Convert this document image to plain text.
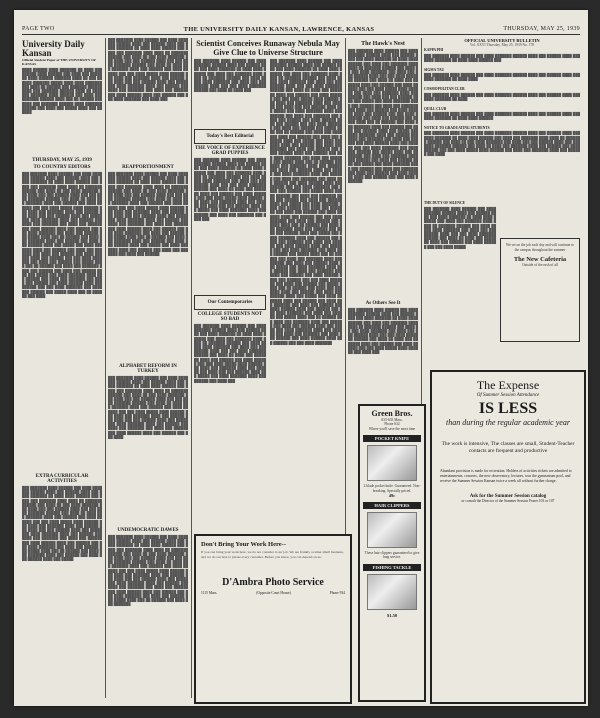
PAGE TWO	THE UNIVERSITY DAILY KANSAN, LAWRENCE, KANSAS	THURSDAY, MAY 25, 1939
University Daily Kansan
Official Student Paper of THE UNIVERSITY OF KANSAS
████ ██████ ████ ███████ ██ ████ ███ ██████ ████ ██████ ███ ████ ███ ███████ ████ ██████ ███████ ████ ██ ███ ██████ ███████ █████ ████ ████ ███████ ███ ████ ██ ██████ ███ ███████ ██████ ████ ███ ███████ ██████ ████ ██ ████ ███ ███████ ████ ██████ ███ ████ ███ ███████ ██████ ████ ███ ██ ██████ ███ ████ ███ ███████ ██████ ████ ███████ ██████ ███ ████ ███ █████ ████ ███ ██████
THURSDAY, MAY 25, 1939
TO COUNTRY EDITORS
███ ███████ ████ ██████ ███ ████ ███████ ██████ ████ ███ ██████ ████ ███ ████ ███████ ██ ████ ████ ██████ ███ ████ ███ ███████ ████ ████ ██ ███████ ██████ ███ ████ ██ ███ ████ ███████ ███ ████ ███ ███ ██████ ████ ███ ███ ████ ███████ ██████ ███ ████ ██ ████ ███ ███████ ████ ███ ██████ ███ ████ ██████ ███ ███ ████ █████ ████ ██████ ███ ████ ███ ███████ ████ ███ ██████ ███ ████ ███ ███ ██████ ████ ███ █████ ███ ████ ███████ ████ ███ ██████ ███ ████ ███ ███████ ███ ████ ███ ██████ ███ ████ ██████ ████ ███ ██████ ███ ███ ████ ███████ ███ ████ ███ ██████ ███ █████ ████ ███ ██ ██████ ███ ████ ███ ███████ ████ ███ ██████ ███ ████ ███ ██████ ████ ███ █████ ███ ████ ███████ ████ ███ ██████ ███ ████ ███ ███████ ███ ████ ███ ██████ ███ ████ ██████ ████ ███ ██████ ███ ███ ████ ███████ ███ ████ ███ ██████ ███ █████ ████ ███ ██ ██████ ███ ████ ███ ███████ ████ ███ ██████ ███ ████ ███ ██████ ████ ███ █████ ███ ████ ███████ ████ ███ ██████ ███ ████ ███ ███████ ███ ████ ███ ██████ ███ ████ ██████ ████ ███ ██████ ███ ███ ████ ███████ ███ ████ ███ ██████ ███ █████ ████ ███ ██ ██████ ███ ████
EXTRA CURRICULAR ACTIVITIES
███ ███████ ████ ██████ ███ ████ ███████ ██████ ████ ███ ██████ ████ ███ ████ ███████ ██ ████ ████ ██████ ███ ████ ███ ███████ ████ ████ ██ ███████ ██████ ███ ████ ██ ███ ████ ███████ ███ ████ ███ ███ ██████ ████ ███ ███ ████ ███████ ██████ ███ ████ ██ ████ ███ ███████ ████ ███ ██████ ███ ████ ██████ ███ ███ ████ █████ ████ ██████ ███ ████ ███ ███████ ████ ███ ██████ ███ ████ ███ ███ ██████ ████ ███ █████ ███ ████ ███████ ████ ███ ██████ ███ ████ ███ ███████ ███ ████ ███ ██████ ███ ████ ██████ ████ ███ ██████ ███ ███ ████ ███████ ███ ████ ███ ██████ ███ █████ ████ ███ ██ ██████ ███ ████ ███ ███████ ████ ███ ██████ ███ ████ ███ ██████ ████ ███ █████
███ ███████ ████ ██████ ███ ████ ███████ ██████ ████ ███ ██████ ████ ███ ████ ███████ ██ ████ ████ ██████ ███ ████ ███ ███████ ████ ████ ██ ███████ ██████ ███ ████ ██ ███ ████ ███████ ███ ████ ███ ███ ██████ ████ ███ ███ ████ ███████ ██████ ███ ████ ██ ████ ███ ███████ ████ ███ ██████ ███ ████ ██████ ███ ███ ████ █████ ████ ██████ ███ ████ ███ ███████ ████ ███ ██████ ███ ████ ███ ███ ██████ ████ ███ █████ ███ ████ ███████ ████ ███ ██████ ███ ████ ███ ███████ ███ ████ ███ ██████ ███ ████ ██████ ████ ███ ██████ ███ ███ ████ ███████ ███ ████ ███
REAPPORTIONMENT
███ ███████ ████ ██████ ███ ████ ███████ ██████ ████ ███ ██████ ████ ███ ████ ███████ ██ ████ ████ ██████ ███ ████ ███ ███████ ████ ████ ██ ███████ ██████ ███ ████ ██ ███ ████ ███████ ███ ████ ███ ███ ██████ ████ ███ ███ ████ ███████ ██████ ███ ████ ██ ████ ███ ███████ ████ ███ ██████ ███ ████ ██████ ███ ███ ████ █████ ████ ██████ ███ ████ ███ ███████ ████ ███ ██████ ███ ████ ███ ███ ██████ ████ ███ █████ ███ ████ ███████ ████ ███ ██████ ███ ████ ███ ███████ ███ ████ ███ ██████ ███ ████ ██████ ████ ███ ██████ ███ ███ ████ ███████ ███ ████ ███ ██████ ███ █████ ████ ███ ██ ██████ ███ ████ ███ ███████ ████ ███ ██████ ███ ████ ███ ██████ ████ ███ █████ ███ ████ ███████ ████ ███ ██████ ███ ████ ███ ███████ ███ ████ ███ ██████
ALPHABET REFORM IN TURKEY
███ ███████ ████ ██████ ███ ████ ███████ ██████ ████ ███ ██████ ████ ███ ████ ███████ ██ ████ ████ ██████ ███ ████ ███ ███████ ████ ████ ██ ███████ ██████ ███ ████ ██ ███ ████ ███████ ███ ████ ███ ███ ██████ ████ ███ ███ ████ ███████ ██████ ███ ████ ██ ████ ███ ███████ ████ ███ ██████ ███ ████ ██████ ███ ███ ████ █████ ████ ██████ ███ ████ ███ ███████ ████ ███ ██████ ███ ████ ███ ███ ██████ ████ ███ █████ ███ ████ ███████ ████ ███ ██████ ███ ████ ███ ███████ ███ ████ ███ ██████ ███ ████ ██████ ████ ███ ██████ ███ ███ ████
UNDEMOCRATIC DAWES
███ ███████ ████ ██████ ███ ████ ███████ ██████ ████ ███ ██████ ████ ███ ████ ███████ ██ ████ ████ ██████ ███ ████ ███ ███████ ████ ████ ██ ███████ ██████ ███ ████ ██ ███ ████ ███████ ███ ████ ███ ███ ██████ ████ ███ ███ ████ ███████ ██████ ███ ████ ██ ████ ███ ███████ ████ ███ ██████ ███ ████ ██████ ███ ███ ████ █████ ████ ██████ ███ ████ ███ ███████ ████ ███ ██████ ███ ████ ███ ███ ██████ ████ ███ █████ ███ ████ ███████ ████ ███ ██████ ███ ████ ███ ███████ ███ ████ ███ ██████ ███ ████ ██████ ████ ███ ██████ ███ ███ ████ ███████ ███ ████ ███ ██████ ███ █████ ████ ███ ██ ██████ ███ ████ ███ ███████
Scientist Conceives Runaway Nebula May Give Clue to Universe Structure
███ ███████ ████ ██████ ███ ████ ███████ ██████ ████ ███ ██████ ████ ███ ████ ███████ ██ ████ ████ ██████ ███ ████ ███ ███████ ████ ████ ██ ███████ ██████ ███ ████ ██ ███ ████ ███████ ███ ████ ███ ███ ██████ ████ ███ ███ ████ ███████ ██████ ███ ████ ██ ████ ███
Today's Best Editorial
THE VOICE OF EXPERIENCE GRAD PUPPIES
███ ███████ ████ ██████ ███ ████ ███████ ██████ ████ ███ ██████ ████ ███ ████ ███████ ██ ████ ████ ██████ ███ ████ ███ ███████ ████ ████ ██ ███████ ██████ ███ ████ ██ ███ ████ ███████ ███ ████ ███ ███ ██████ ████ ███ ███ ████ ███████ ██████ ███ ████ ██ ████ ███ ███████ ████ ███ ██████ ███ ████ ██████ ███ ███ ████ █████ ████ ██████ ███ ████ ███ ███████ ████ ███ ██████ ███ ████ ███ ███ ██████ ████ ███ █████ ███ ████ ███████ ████ ███ ██████ ███ ████ ███ ███████ ███ ████ ███
Our Contemporaries
COLLEGE STUDENTS NOT SO BAD
███ ███████ ████ ██████ ███ ████ ███████ ██████ ████ ███ ██████ ████ ███ ████ ███████ ██ ████ ████ ██████ ███ ████ ███ ███████ ████ ████ ██ ███████ ██████ ███ ████ ██ ███ ████ ███████ ███ ████ ███ ███ ██████ ████ ███ ███ ████ ███████ ██████ ███ ████ ██ ████ ███ ███████ ████ ███ ██████ ███ ████ ██████ ███ ███ ████ █████ ████ ██████ ███ ████ ███ ███████ ████ ███ ██████ ███ ████ ███ ███ ██████ ████ ███ █████ ███ ████ ███████ ████ ███ ██████ ███ ████ ███
███ ███████ ████ ██████ ███ ████ ███████ ██████ ████ ███ ██████ ████ ███ ████ ███████ ██ ████ ████ ██████ ███ ████ ███ ███████ ████ ████ ██ ███████ ██████ ███ ████ ██ ███ ████ ███████ ███ ████ ███ ███ ██████ ████ ███ ███ ████ ███████ ██████ ███ ████ ██ ████ ███ ███████ ████ ███ ██████ ███ ████ ██████ ███ ███ ████ █████ ████ ██████ ███ ████ ███ ███████ ████ ███ ██████ ███ ████ ███ ███ ██████ ████ ███ █████ ███ ████ ███████ ████ ███ ██████ ███ ████ ███ ███████ ███ ████ ███ ██████ ███ ████ ██████ ████ ███ ██████ ███ ███ ████ ███████ ███ ████ ███ ██████ ███ █████ ████ ███ ██ ██████ ███ ████ ███ ███████ ████ ███ ██████ ███ ████ ███ ██████ ████ ███ █████ ███ ████ ███████ ████ ███ ██████ ███ ████ ███ ███████ ███ ████ ███ ██████ ███ ████ ██████ ████ ███ ██████ ███ ███ ████ ███████ ███ ████ ███ ██████ ███ █████ ████ ███ ██ ██████ ███ ████ ███ ███████ ████ ███ ██████ ███ ████ ███ ██████ ████ ███ █████ ███ ████ ███████ ████ ███ ██████ ███ ████ ███ ███████ ███ ████ ███ ██████ ███ ████ ██████ ████ ███ ██████ ███ ███ ████ ███████ ███ ████ ███ ██████ ███ █████ ████ ███ ██ ██████ ███ ████ ███ ███████ ████ ███ ██████ ███ ████ ███ ██████ ████ ███ █████ ███ ████ ███████ ████ ███ ██████ ███ ████ ███ ███████ ███ ████ ███ ██████ ███ ████ ██████ ████ ███ ██████ ███ ███ ████ ███████ ███ ████ ███ ██████ ███ █████ ████ ███ ██ ██████ ███ ████ ███ ███████ ████ ███ ██████ ███ ████ ███ ██████ ████ ███ █████ ███ ████ ███████ ████ ███ ██████ ███ ████ ███ ███████ ███ ████ ███ ██████ ███ ████ ██████ ████ ███ ██████ ███ ███ ████ ███████ ███ ████ ███ ██████ ███ █████ ████ ███ ██ ██████ ███ ████ ███ ███████ ████ ███ ██████ ███ ████ ███ ██████ ████ ███ █████ ███ ████ ███████ ████ ███ ██████ ███ ████ ███ ███████ ███ ████ ███ ██████ ███ ████ ██████ ████ ███ ██████ ███ ███ ████ ███████ ███ ████ ███ ██████ ███ █████ ████ ███ ██ ██████ ███ ████ ███ ███████ ████ ███ ██████ ███ ████ ███ ██████ ████ ███ █████ ███ ████ ███████ ████ ███ ██████ ███ ████ ███ ███████ ███ ████ ███ ██████ ███ ████ ██████ ████ ███ ██████ ███ ███ ████ ███████ ███ ████ ███ ██████ ███ █████ ████ ███ ██ ██████ ███ ████ ███ ███████ ████ ███ ██████ ███ ████ ███ ██████ ████ ███ █████ ███ ████ ███████ ████ ███ ██████ ███ ████ ███ ███████ ███ ████ ███ ██████ ███ ████ ██████ ████ ███ ██████ ███ ███ ████ ███████
The Hawk's Nest
███ ███████ ████ ██████ ███ ████ ███████ ██████ ████ ███ ██████ ████ ███ ████ ███████ ██ ████ ████ ██████ ███ ████ ███ ███████ ████ ████ ██ ███████ ██████ ███ ████ ██ ███ ████ ███████ ███ ████ ███ ███ ██████ ████ ███ ███ ████ ███████ ██████ ███ ████ ██ ████ ███ ███████ ████ ███ ██████ ███ ████ ██████ ███ ███ ████ █████ ████ ██████ ███ ████ ███ ███████ ████ ███ ██████ ███ ████ ███ ███ ██████ ████ ███ █████ ███ ████ ███████ ████ ███ ██████ ███ ████ ███ ███████ ███ ████ ███ ██████ ███ ████ ██████ ████ ███ ██████ ███ ███ ████ ███████ ███ ████ ███ ██████ ███ █████ ████ ███ ██ ██████ ███ ████ ███ ███████ ████ ███ ██████ ███ ████ ███ ██████ ████ ███ █████ ███ ████ ███████ ████ ███ ██████ ███ ████ ███ ███████ ███ ████ ███ ██████ ███ ████ ██████ ████ ███ ██████ ███ ███ ████ ███████ ███ ████ ███ ██████ ███ █████ ████ ███ ██ ██████ ███ ████ ███ ███████ ████ ███ ██████ ███ ████ ███ ██████ ████ ███ █████ ███ ████ ███████ ████ ███ ██████ ███ ████ ███ ███████ ███ ████ ███ ██████ ███ ████ ██████ ████ ███ ██████ ███ ███ ████ ███████
As Others See It
███ ███████ ████ ██████ ███ ████ ███████ ██████ ████ ███ ██████ ████ ███ ████ ███████ ██ ████ ████ ██████ ███ ████ ███ ███████ ████ ████ ██ ███████ ██████ ███ ████ ██ ███ ████ ███████ ███ ████ ███ ███ ██████ ████ ███ ███ ████ ███████ ██████ ███ ████ ██ ████ ███ ███████ ████ ███ ██████ ███ ████ ██████ ███ ███ ████ █████ ████ ██████ ███ ████ ███
OFFICIAL UNIVERSITY BULLETIN
Vol. XXVI Thursday, May 25, 1939 No. 178
KAPPA PHI
███ ███████ ████ ██████ ███ ████ ███████ ██████ ████ ███ ██████ ████ ███ ████ ███████ ██ ████ ████ ██████ ███
SIGMA TAU
███ ███████ ████ ██████ ███ ████ ███████ ██████ ████ ███ ██████ ████ ███ ████ ███████ ██ ████ ████
COSMOPOLITAN CLUB
███ ███████ ████ ██████ ███ ████ ███████ ██████ ████ ███ ██████ ████ ███ ████ ███████ ██ ████
QUILL CLUB
███ ███████ ████ ██████ ███ ████ ███████ ██████ ████ ███ ██████ ████ ███ ████ ███████ ██ ████ ████ ██████
NOTICE TO GRADUATING STUDENTS
███ ███████ ████ ██████ ███ ████ ███████ ██████ ████ ███ ██████ ████ ███ ████ ███████ ██ ████ ████ ██████ ███ ████ ███ ███████ ████ ████ ██ ███████ ██████ ███ ████ ██ ███ ████ ███████ ███ ████ ███ ███ ██████ ████ ███ ███ ████ ███████ ██████ ███ ████ ██ ████ ███ ███████ ████ ███ ██████ ███ ████ ██████ ███ ███ ████ █████ ████ ██████ ███ ████ ███ ███████ ████ ███ ██████ ███ ████
THE DUTY OF SILENCE
███ ███████ ████ ██████ ███ ████ ███████ ██████ ████ ███ ██████ ████ ███ ████ ███████ ██ ████ ████ ██████ ███ ████ ███ ███████ ████ ████ ██ ███████ ██████ ███ ████ ██ ███ ████ ███████ ███ ████ ███ ███ ██████ ████ ███ ███ ████ ███████ ██████ ███ ████ ██ ████ ███ ███████ ████ ███ ██████ ███ ████ ██████ ███ ███ ████ █████	We set on the job each day and will continue to the campus throughout the summer
The New Cafeteria
Outside of the rush of all
The Expense
Of Summer Session Attendance
IS LESS
than during the regular academic year
The work is intensive, The classes are small, Student-Teacher contacts are frequent and productive
Abundant provision is made for recreation. Holders of activities tickets are admitted to entertainments, concerts, the new observatory, lectures, tour the gymnasium pool, and receive the Summer Session Kansan twice a week all without further charge.
Ask for the Summer Session catalog
or consult the Director of the Summer Session Fraser 103 or 107
Green Bros.
633-635 Mass.
Phone 632
Where you'll save the most time
POCKET KNIFE
2 blade pocket knife. Guaranteed. Non-breaking. Specially priced.
49c
HAIR CLIPPERS
These hair clippers guaranteed to give long service.
FISHING TACKLE
$1.50
Don't Bring Your Work Here--
If you can bring your work here, we do not consider it our job. We are frankly a rather small business, and we do our best to please every customer. Before you know, you can depend on us.
D'Ambra Photo Service
1115 Mass.	(Opposite Court House)	Phone 934
